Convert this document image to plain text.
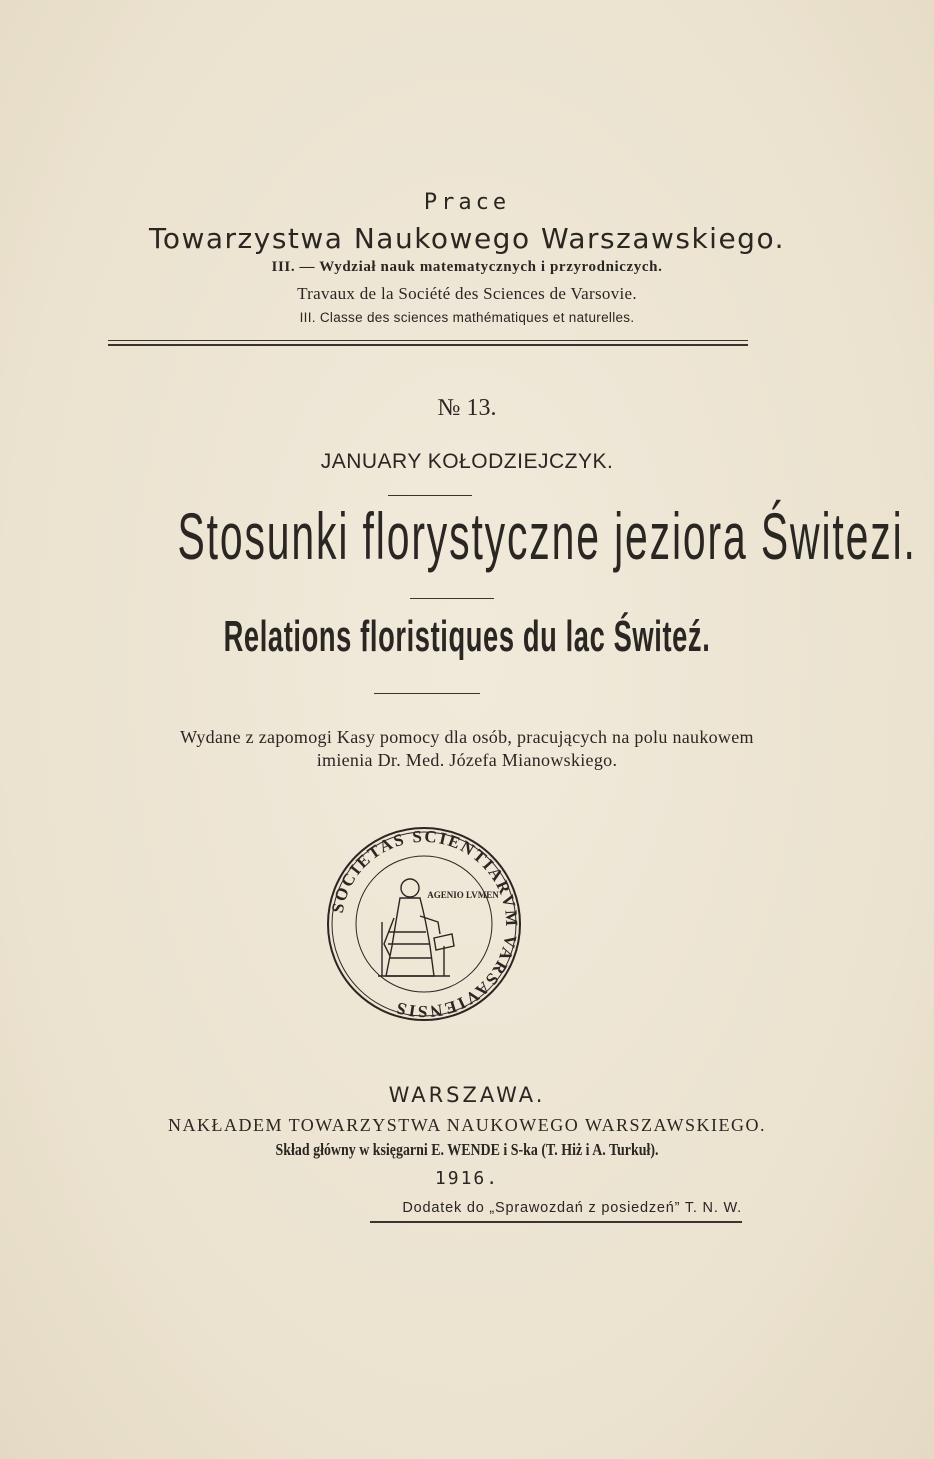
Prace
Towarzystwa Naukowego Warszawskiego.
III. — Wydział nauk matematycznych i przyrodniczych.
Travaux de la Société des Sciences de Varsovie.
III. Classe des sciences mathématiques et naturelles.
№ 13.
JANUARY KOŁODZIEJCZYK.
Stosunki florystyczne jeziora Świtezi.
Relations floristiques du lac Świteź.
Wydane z zapomogi Kasy pomocy dla osób, pracujących na polu naukowem
imienia Dr. Med. Józefa Mianowskiego.
SOCIETAS SCIENTIARVM VARSAVIENSIS
AGENIO LVMEN
WARSZAWA.
NAKŁADEM TOWARZYSTWA NAUKOWEGO WARSZAWSKIEGO.
Skład główny w księgarni E. WENDE i S-ka (T. Hiż i A. Turkuł).
1916.
Dodatek do „Sprawozdań z posiedzeń” T. N. W.
